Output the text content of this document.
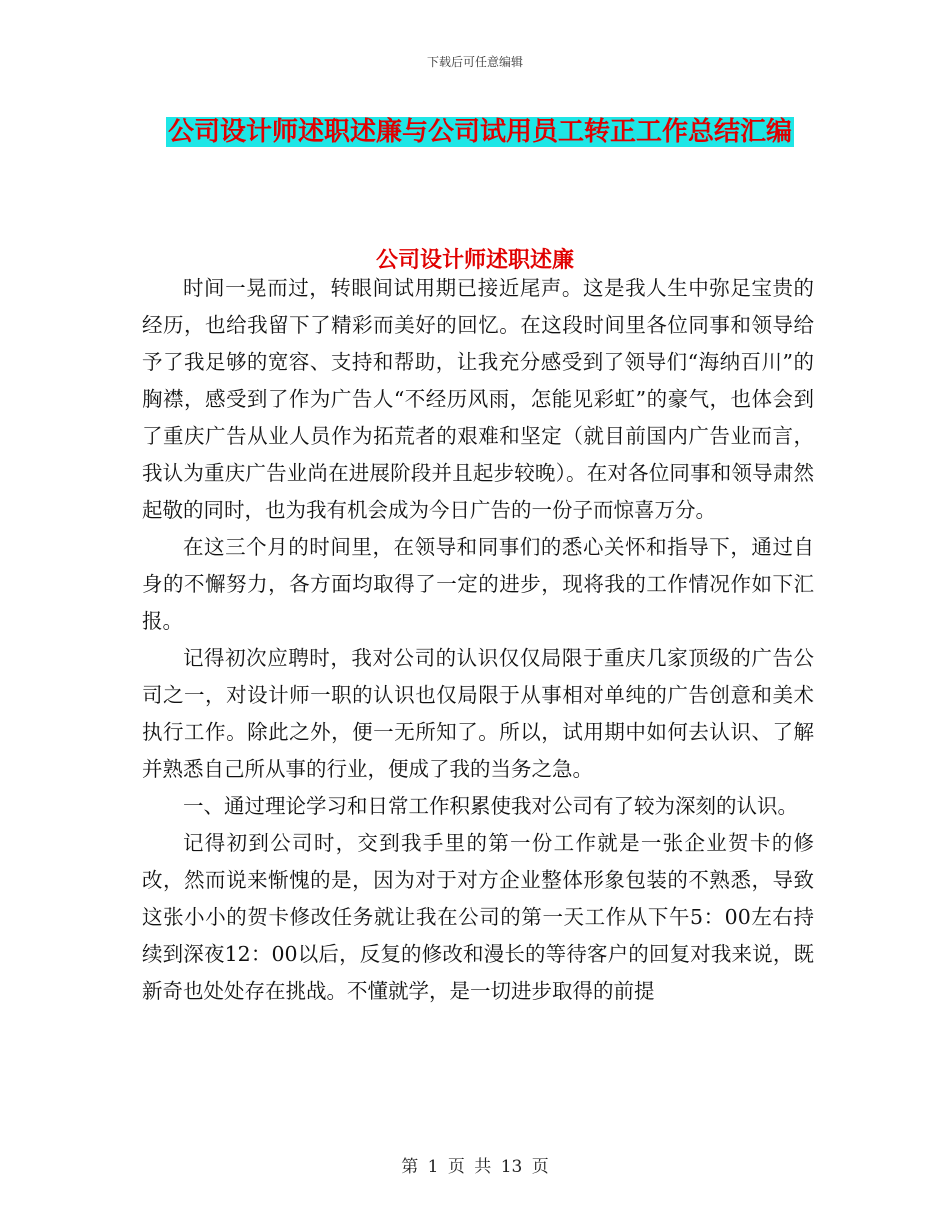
下载后可任意编辑
公司设计师述职述廉与公司试用员工转正工作总结汇编
公司设计师述职述廉

时间一晃而过，转眼间试用期已接近尾声。这是我人生中弥足宝贵的经历，也给我留下了精彩而美好的回忆。在这段时间里各位同事和领导给予了我足够的宽容、支持和帮助，让我充分感受到了领导们“海纳百川”的胸襟，感受到了作为广告人“不经历风雨，怎能见彩虹”的豪气，也体会到了重庆广告从业人员作为拓荒者的艰难和坚定（就目前国内广告业而言，我认为重庆广告业尚在进展阶段并且起步较晚）。在对各位同事和领导肃然起敬的同时，也为我有机会成为今日广告的一份子而惊喜万分。

在这三个月的时间里，在领导和同事们的悉心关怀和指导下，通过自身的不懈努力，各方面均取得了一定的进步，现将我的工作情况作如下汇报。

记得初次应聘时，我对公司的认识仅仅局限于重庆几家顶级的广告公司之一，对设计师一职的认识也仅局限于从事相对单纯的广告创意和美术执行工作。除此之外，便一无所知了。所以，试用期中如何去认识、了解并熟悉自己所从事的行业，便成了我的当务之急。

一、通过理论学习和日常工作积累使我对公司有了较为深刻的认识。

记得初到公司时，交到我手里的第一份工作就是一张企业贺卡的修改，然而说来惭愧的是，因为对于对方企业整体形象包装的不熟悉，导致这张小小的贺卡修改任务就让我在公司的第一天工作从下午5：00左右持续到深夜12：00以后，反复的修改和漫长的等待客户的回复对我来说，既新奇也处处存在挑战。不懂就学，是一切进步取得的前提

第 1 页 共 13 页
